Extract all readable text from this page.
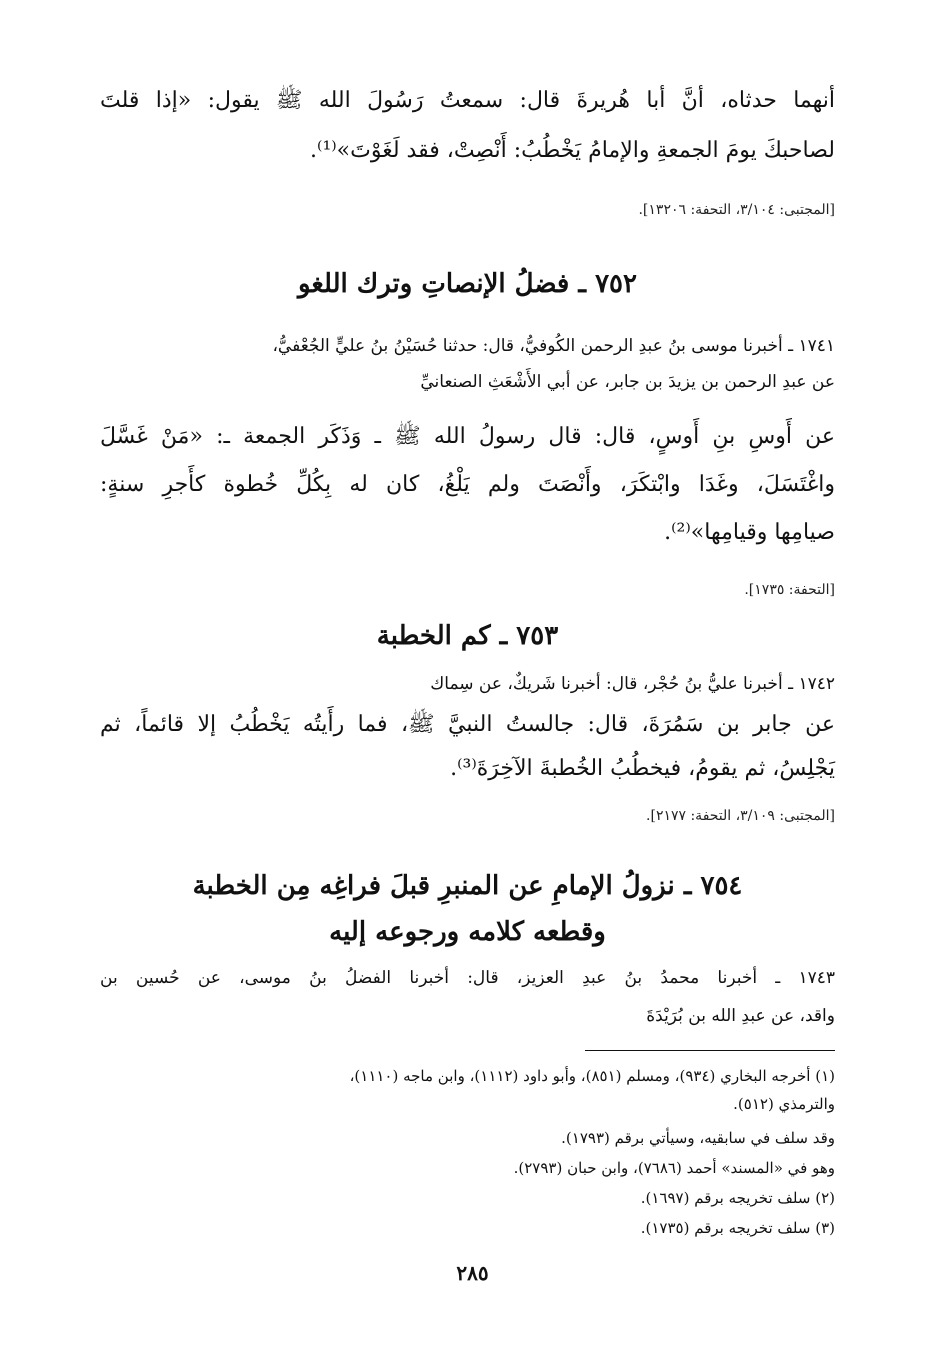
أنهما حدثاه، أنَّ أبا هُريرةَ قال: سمعتُ رَسُولَ الله ﷺ يقول: «إذا قلتَ
لصاحبكَ يومَ الجمعةِ والإمامُ يَخْطُبُ: أَنْصِتْ، فقد لَغَوْتَ»⁽¹⁾.
[المجتبى: ٣/١٠٤، التحفة: ١٣٢٠٦].
٧٥٢ ـ فضلُ الإنصاتِ وترك اللغو
١٧٤١ ـ أخبرنا موسى بنُ عبدِ الرحمن الكُوفيُّ، قال: حدثنا حُسَيْنُ بنُ عليٍّ الجُعْفيُّ،
عن عبدِ الرحمن بن يزيدَ بن جابر، عن أبي الأَشْعَثِ الصنعانيِّ
عن أَوسِ بنِ أَوسٍ، قال: قال رسولُ الله ﷺ ـ وَذَكَر الجمعة ـ: «مَنْ غَسَّلَ
واغْتَسَلَ، وغَدَا وابْتكَرَ، وأَنْصَتَ ولم يَلْغُ، كان له بِكُلِّ خُطوة كأَجرِ سنةٍ:
صيامِها وقيامِها»⁽²⁾.
[التحفة: ١٧٣٥].
٧٥٣ ـ كم الخطبة
١٧٤٢ ـ أخبرنا عليُّ بنُ حُجْر، قال: أخبرنا شَريكٌ، عن سِماك
عن جابر بن سَمُرَةَ، قال: جالستُ النبيَّ ﷺ، فما رأَيتُه يَخْطُبُ إلا قائماً، ثم
يَجْلِسُ، ثم يقومُ، فيخطُبُ الخُطبةَ الآخِرَةَ⁽³⁾.
[المجتبى: ٣/١٠٩، التحفة: ٢١٧٧].
٧٥٤ ـ نزولُ الإمامِ عن المنبرِ قبلَ فراغِه مِن الخطبة
وقطعه كلامه ورجوعه إليه
١٧٤٣ ـ أخبرنا محمدُ بنُ عبدِ العزيز، قال: أخبرنا الفضلُ بنُ موسى، عن حُسين بن
واقد، عن عبدِ الله بن بُرَيْدَةَ
(١) أخرجه البخاري (٩٣٤)، ومسلم (٨٥١)، وأبو داود (١١١٢)، وابن ماجه (١١١٠)،
والترمذي (٥١٢).
وقد سلف في سابقيه، وسيأتي برقم (١٧٩٣).
وهو في «المسند» أحمد (٧٦٨٦)، وابن حبان (٢٧٩٣).
(٢) سلف تخريجه برقم (١٦٩٧).
(٣) سلف تخريجه برقم (١٧٣٥).
٢٨٥
